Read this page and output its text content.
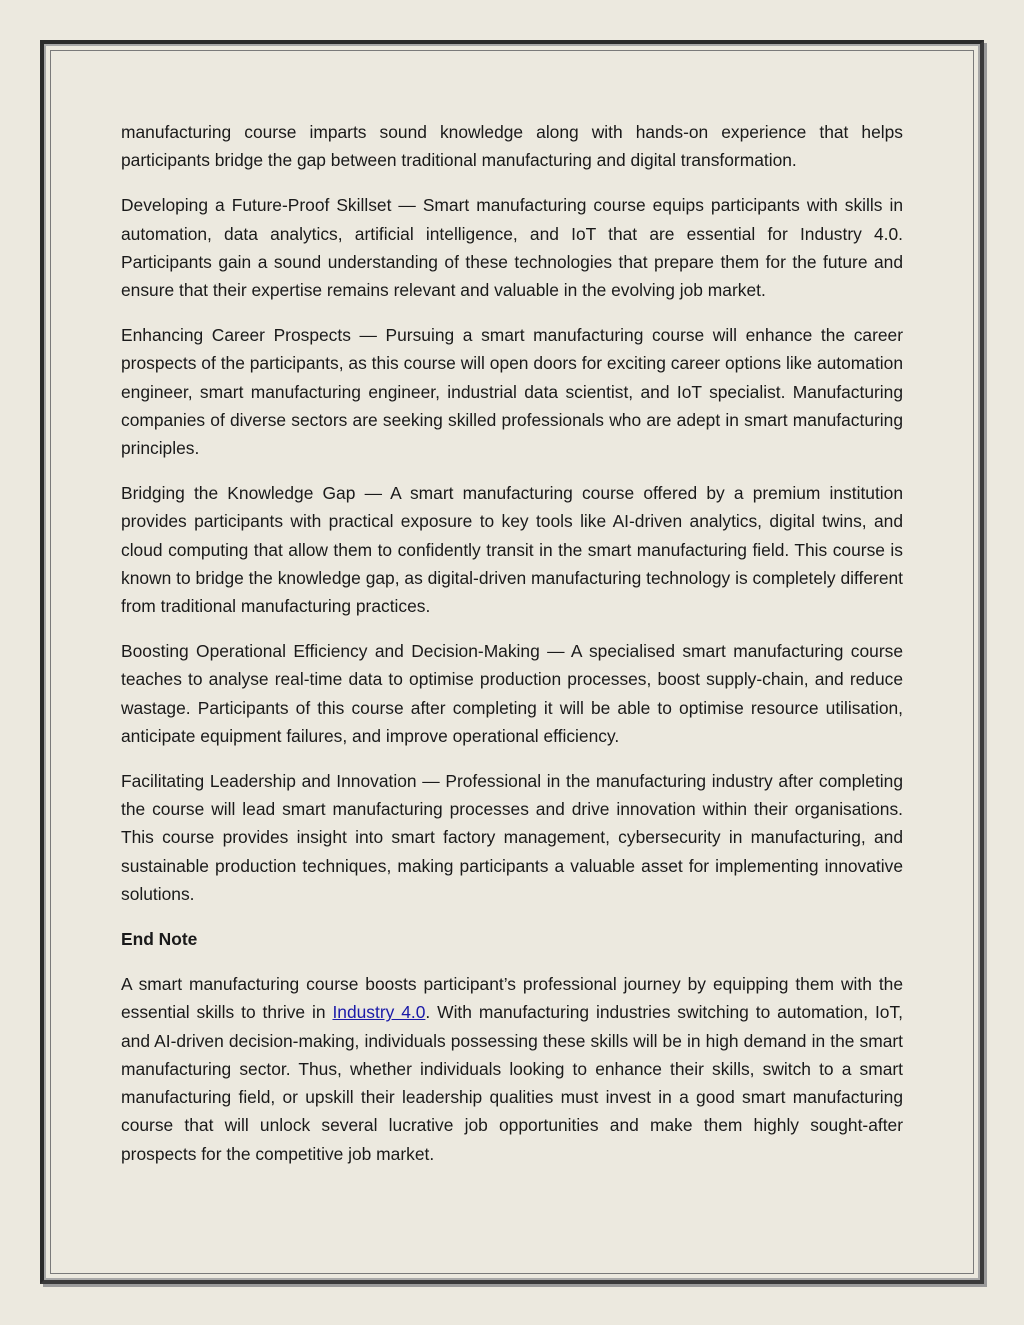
manufacturing course imparts sound knowledge along with hands-on experience that helps participants bridge the gap between traditional manufacturing and digital transformation.

Developing a Future-Proof Skillset — Smart manufacturing course equips participants with skills in automation, data analytics, artificial intelligence, and IoT that are essential for Industry 4.0. Participants gain a sound understanding of these technologies that prepare them for the future and ensure that their expertise remains relevant and valuable in the evolving job market.

Enhancing Career Prospects — Pursuing a smart manufacturing course will enhance the career prospects of the participants, as this course will open doors for exciting career options like automation engineer, smart manufacturing engineer, industrial data scientist, and IoT specialist. Manufacturing companies of diverse sectors are seeking skilled professionals who are adept in smart manufacturing principles.

Bridging the Knowledge Gap — A smart manufacturing course offered by a premium institution provides participants with practical exposure to key tools like AI-driven analytics, digital twins, and cloud computing that allow them to confidently transit in the smart manufacturing field. This course is known to bridge the knowledge gap, as digital-driven manufacturing technology is completely different from traditional manufacturing practices.

Boosting Operational Efficiency and Decision-Making — A specialised smart manufacturing course teaches to analyse real-time data to optimise production processes, boost supply-chain, and reduce wastage. Participants of this course after completing it will be able to optimise resource utilisation, anticipate equipment failures, and improve operational efficiency.

Facilitating Leadership and Innovation — Professional in the manufacturing industry after completing the course will lead smart manufacturing processes and drive innovation within their organisations. This course provides insight into smart factory management, cybersecurity in manufacturing, and sustainable production techniques, making participants a valuable asset for implementing innovative solutions.

End Note

A smart manufacturing course boosts participant’s professional journey by equipping them with the essential skills to thrive in Industry 4.0. With manufacturing industries switching to automation, IoT, and AI-driven decision-making, individuals possessing these skills will be in high demand in the smart manufacturing sector. Thus, whether individuals looking to enhance their skills, switch to a smart manufacturing field, or upskill their leadership qualities must invest in a good smart manufacturing course that will unlock several lucrative job opportunities and make them highly sought-after prospects for the competitive job market.
